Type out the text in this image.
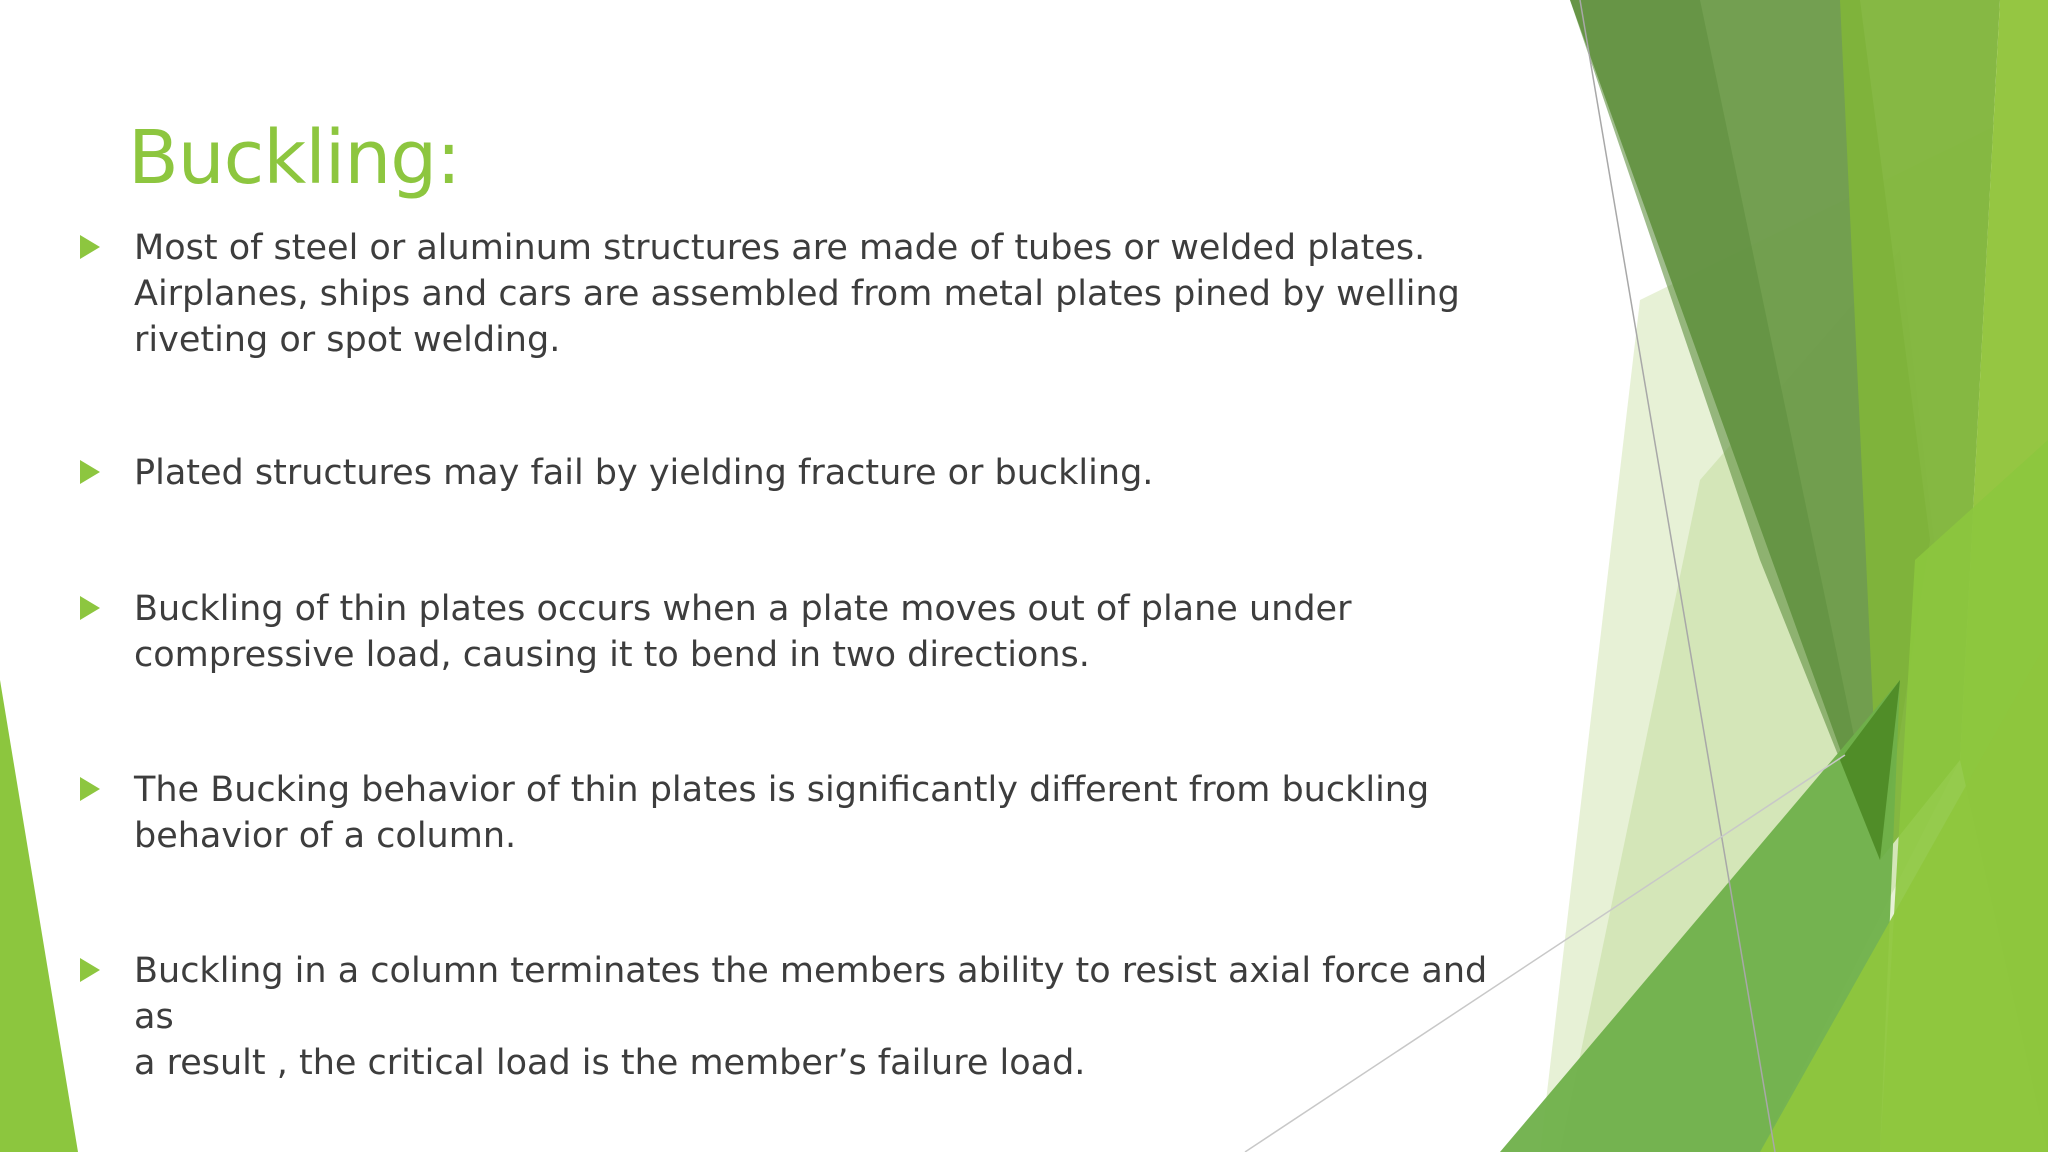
Buckling:
Most of steel or aluminum structures are made of tubes or welded plates.
Airplanes, ships and cars are assembled from metal plates pined by welling
riveting or spot welding.
Plated structures may fail by yielding fracture or buckling.
Buckling of thin plates occurs when a plate moves out of plane under
compressive load, causing it to bend in two directions.
The Bucking behavior of thin plates is significantly different from buckling
behavior of a column.
Buckling in a column terminates the members ability to resist axial force and as
a result , the critical load is the member’s failure load.
